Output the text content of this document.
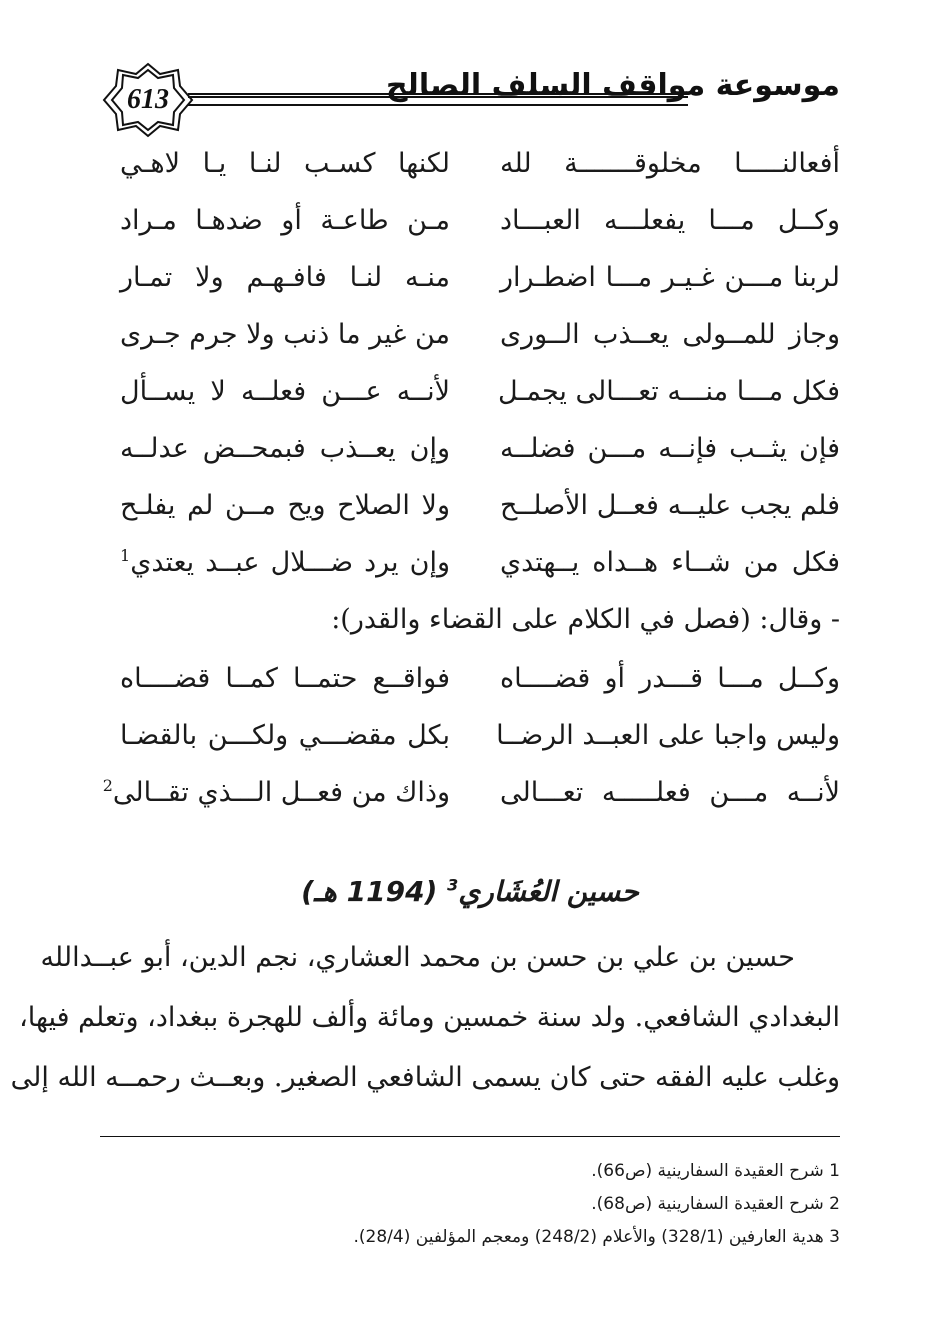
613	موسوعة مواقف السلف الصالح
أفعالنـــــا مخلوقـــــــة لله
لكنها كسـب لنـا يـا لاهـي
وكــل مـــا يفعلـــه العبـــاد
مـن طاعـة أو ضدهـا مـراد
لربنا مـــن غـيـر مـــا اضطـرار
منـه لنـا فافـهـم ولا تمـار
وجاز للمــولى يعــذب الــورى
من غير ما ذنب ولا جرم جـرى
فكل مـــا منـــه تعـــالى يجمـل
لأنــه عـــن فعلــه لا يســأل
فإن يثــب فإنــه مـــن فضلــه
وإن يعــذب فبمحــض عدلــه
فلم يجب عليــه فعــل الأصلــح
ولا الصلاح ويح مــن لم يفلـح
فكل من شــاء هــداه يــهتدي
وإن يرد ضـــلال عبــد يعتدي$^1$
- وقال: (فصل في الكلام على القضاء والقدر):
وكــل مـــا قـــدر أو قضــــاه
فواقــع حتمــا كمــا قضــــاه
وليس واجبا على العبــد الرضــا
بكل مقضـــي ولكـــن بالقضـا
لأنــه مـــن فعلـــــه تعـــالى
وذاك من فعــل الـــذي تقــالى$^2$
حسين العُشَاري$^3$ (1194 هـ)
حسين بن علي بن حسن بن محمد العشاري، نجم الدين، أبو عبــدالله
البغدادي الشافعي. ولد سنة خمسين ومائة وألف للهجرة ببغداد، وتعلم فيها،
وغلب عليه الفقه حتى كان يسمى الشافعي الصغير. وبعــث رحمــه الله إلى
1 شرح العقيدة السفارينية (ص66).
2 شرح العقيدة السفارينية (ص68).
3 هدية العارفين (328/1) والأعلام (248/2) ومعجم المؤلفين (28/4).
